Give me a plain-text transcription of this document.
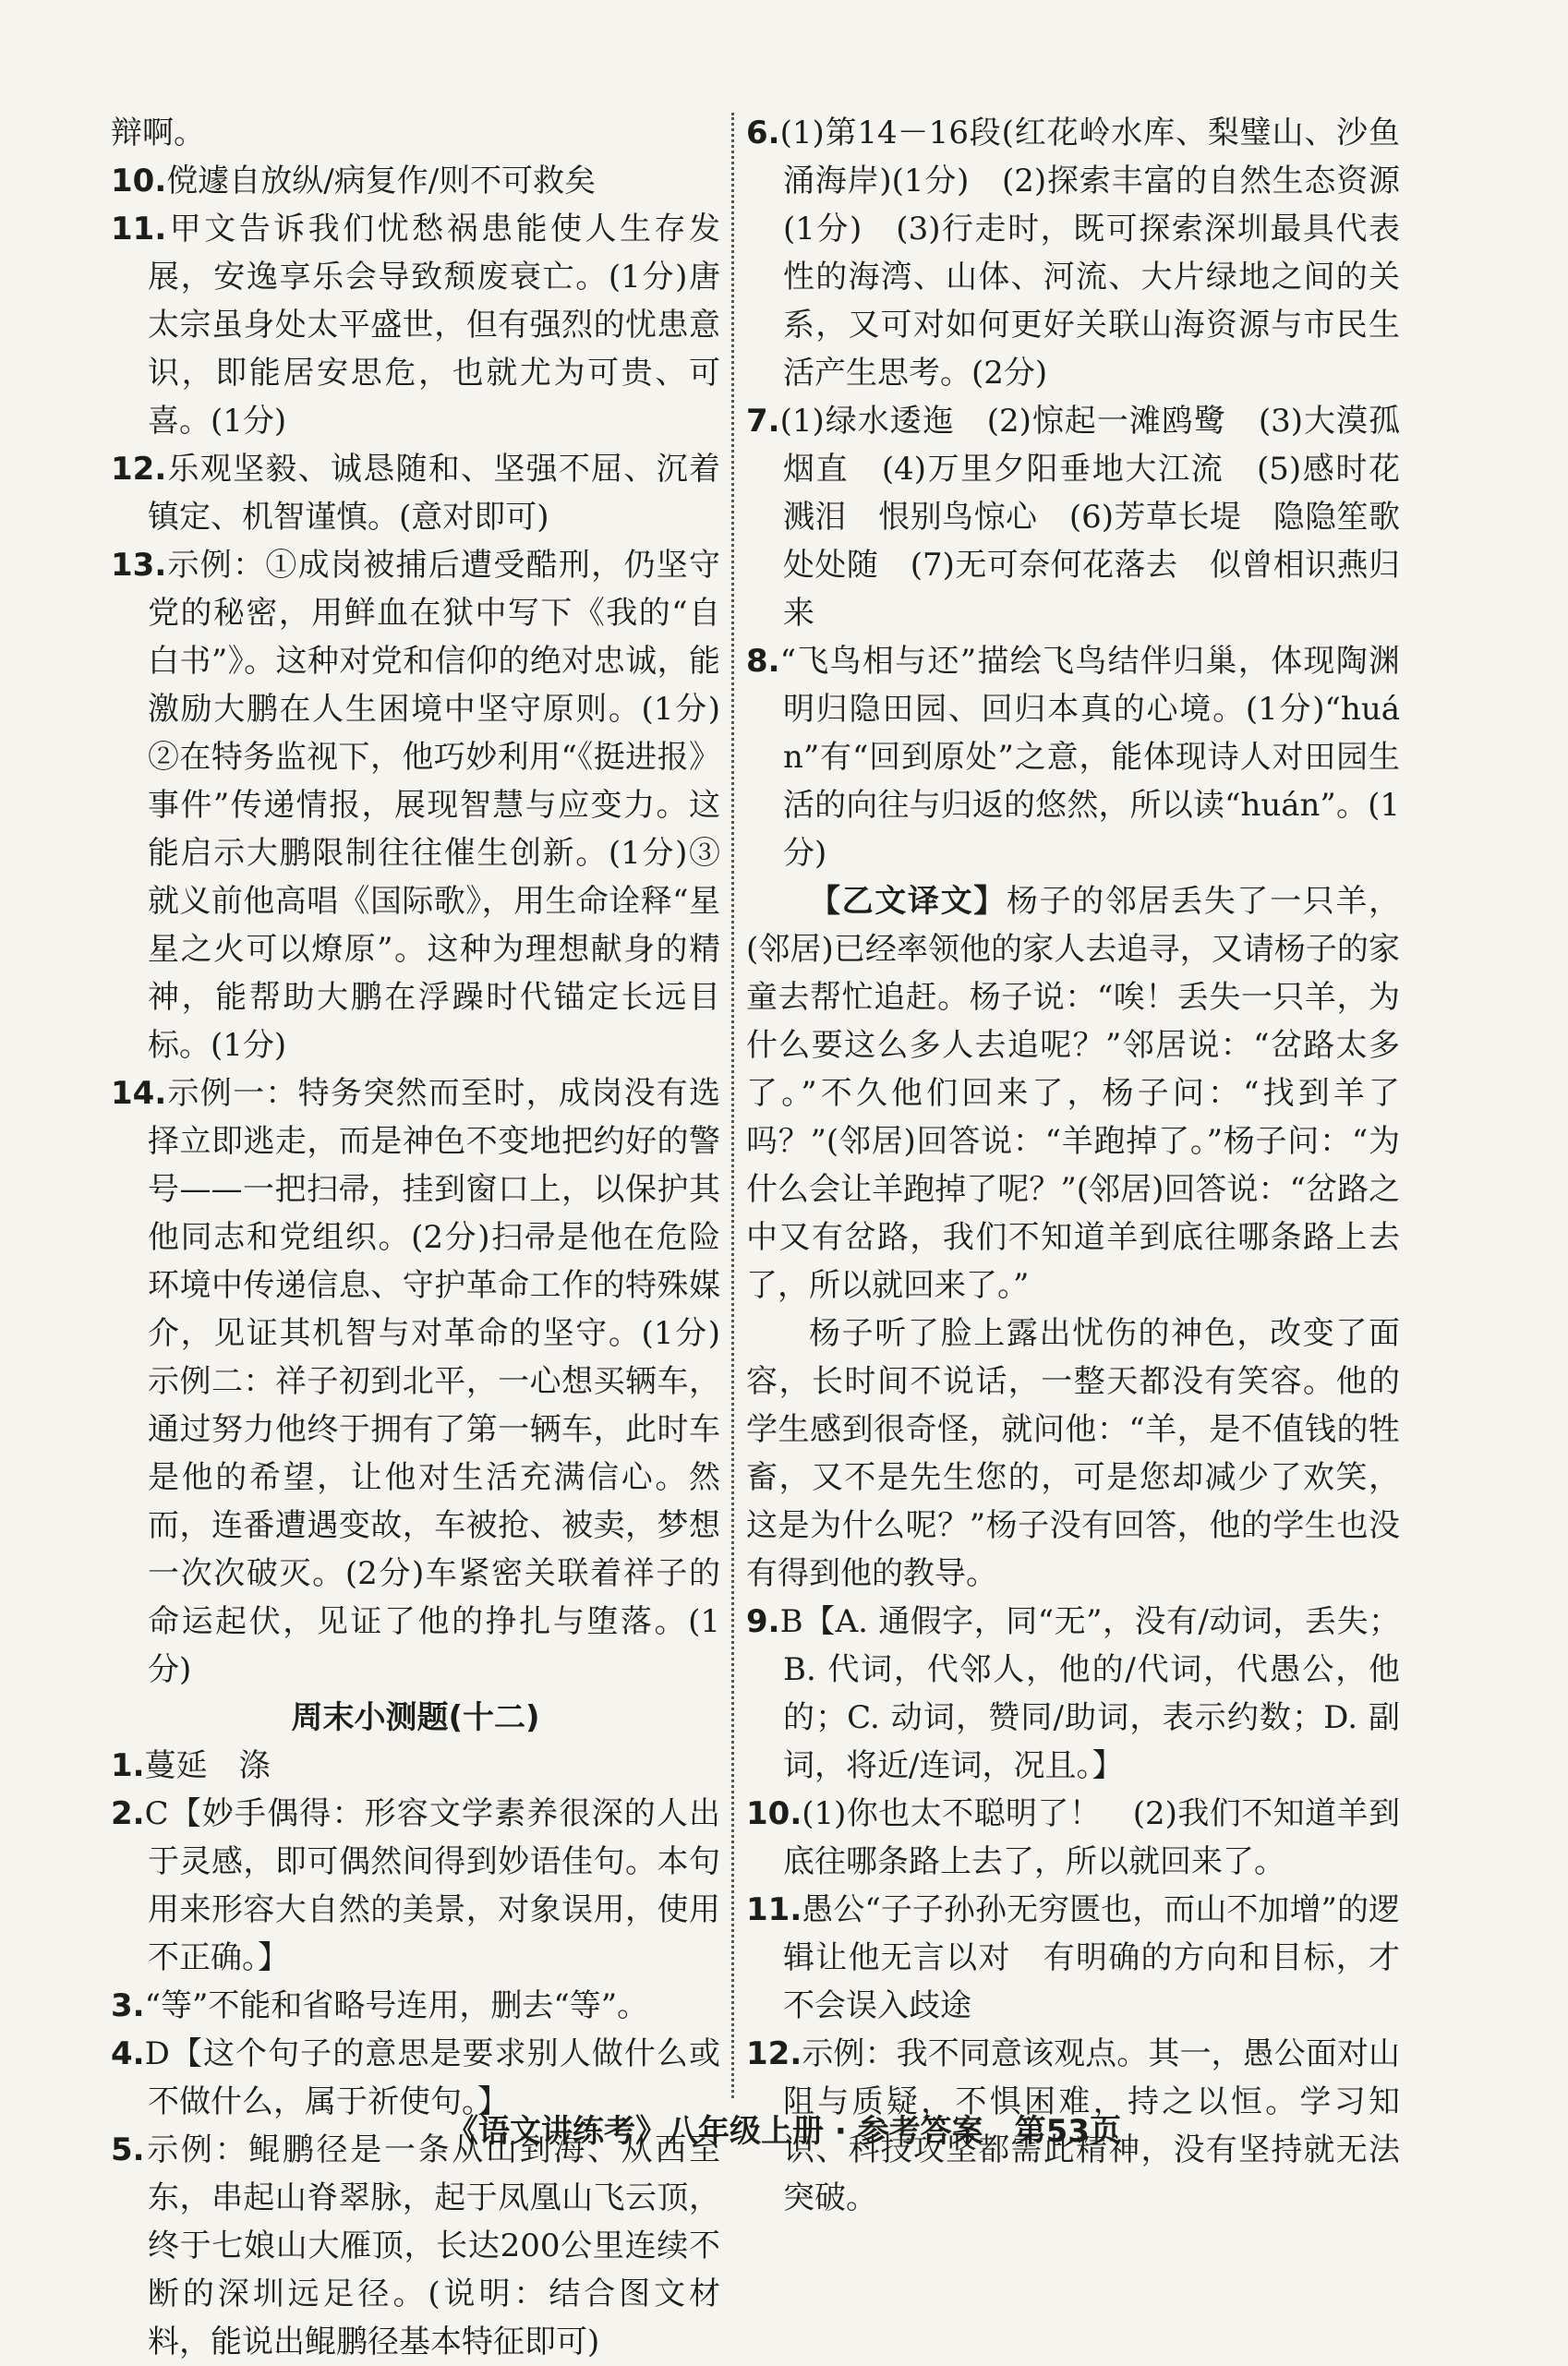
辩啊。

10.傥遽自放纵/病复作/则不可救矣

11.甲文告诉我们忧愁祸患能使人生存发展，安逸享乐会导致颓废衰亡。(1分)唐太宗虽身处太平盛世，但有强烈的忧患意识，即能居安思危，也就尤为可贵、可喜。(1分)

12.乐观坚毅、诚恳随和、坚强不屈、沉着镇定、机智谨慎。(意对即可)

13.示例：①成岗被捕后遭受酷刑，仍坚守党的秘密，用鲜血在狱中写下《我的“自白书”》。这种对党和信仰的绝对忠诚，能激励大鹏在人生困境中坚守原则。(1分)②在特务监视下，他巧妙利用“《挺进报》事件”传递情报，展现智慧与应变力。这能启示大鹏限制往往催生创新。(1分)③就义前他高唱《国际歌》，用生命诠释“星星之火可以燎原”。这种为理想献身的精神，能帮助大鹏在浮躁时代锚定长远目标。(1分)

14.示例一：特务突然而至时，成岗没有选择立即逃走，而是神色不变地把约好的警号——一把扫帚，挂到窗口上，以保护其他同志和党组织。(2分)扫帚是他在危险环境中传递信息、守护革命工作的特殊媒介，见证其机智与对革命的坚守。(1分)　示例二：祥子初到北平，一心想买辆车，通过努力他终于拥有了第一辆车，此时车是他的希望，让他对生活充满信心。然而，连番遭遇变故，车被抢、被卖，梦想一次次破灭。(2分)车紧密关联着祥子的命运起伏，见证了他的挣扎与堕落。(1分)

周末小测题(十二)

1.蔓延　涤

2.C【妙手偶得：形容文学素养很深的人出于灵感，即可偶然间得到妙语佳句。本句用来形容大自然的美景，对象误用，使用不正确。】

3.“等”不能和省略号连用，删去“等”。

4.D【这个句子的意思是要求别人做什么或不做什么，属于祈使句。】

5.示例：鲲鹏径是一条从山到海、从西至东，串起山脊翠脉，起于凤凰山飞云顶，终于七娘山大雁顶，长达200公里连续不断的深圳远足径。(说明：结合图文材料，能说出鲲鹏径基本特征即可)

6.(1)第14－16段(红花岭水库、梨璧山、沙鱼涌海岸)(1分)　(2)探索丰富的自然生态资源(1分)　(3)行走时，既可探索深圳最具代表性的海湾、山体、河流、大片绿地之间的关系，又可对如何更好关联山海资源与市民生活产生思考。(2分)

7.(1)绿水逶迤　(2)惊起一滩鸥鹭　(3)大漠孤烟直　(4)万里夕阳垂地大江流　(5)感时花溅泪　恨别鸟惊心　(6)芳草长堤　隐隐笙歌处处随　(7)无可奈何花落去　似曾相识燕归来

8.“飞鸟相与还”描绘飞鸟结伴归巢，体现陶渊明归隐田园、回归本真的心境。(1分)“huán”有“回到原处”之意，能体现诗人对田园生活的向往与归返的悠然，所以读“huán”。(1分)

【乙文译文】杨子的邻居丢失了一只羊，(邻居)已经率领他的家人去追寻，又请杨子的家童去帮忙追赶。杨子说：“唉！丢失一只羊，为什么要这么多人去追呢？”邻居说：“岔路太多了。”不久他们回来了，杨子问：“找到羊了吗？”(邻居)回答说：“羊跑掉了。”杨子问：“为什么会让羊跑掉了呢？”(邻居)回答说：“岔路之中又有岔路，我们不知道羊到底往哪条路上去了，所以就回来了。”

杨子听了脸上露出忧伤的神色，改变了面容，长时间不说话，一整天都没有笑容。他的学生感到很奇怪，就问他：“羊，是不值钱的牲畜，又不是先生您的，可是您却减少了欢笑，这是为什么呢？”杨子没有回答，他的学生也没有得到他的教导。

9.B【A. 通假字，同“无”，没有/动词，丢失；B. 代词，代邻人，他的/代词，代愚公，他的；C. 动词，赞同/助词，表示约数；D. 副词，将近/连词，况且。】

10.(1)你也太不聪明了！　(2)我们不知道羊到底往哪条路上去了，所以就回来了。

11.愚公“子子孙孙无穷匮也，而山不加增”的逻辑让他无言以对　有明确的方向和目标，才不会误入歧途

12.示例：我不同意该观点。其一，愚公面对山阻与质疑，不惧困难，持之以恒。学习知识、科技攻坚都需此精神，没有坚持就无法突破。

《语文讲练考》八年级上册 · 参考答案　第53页
